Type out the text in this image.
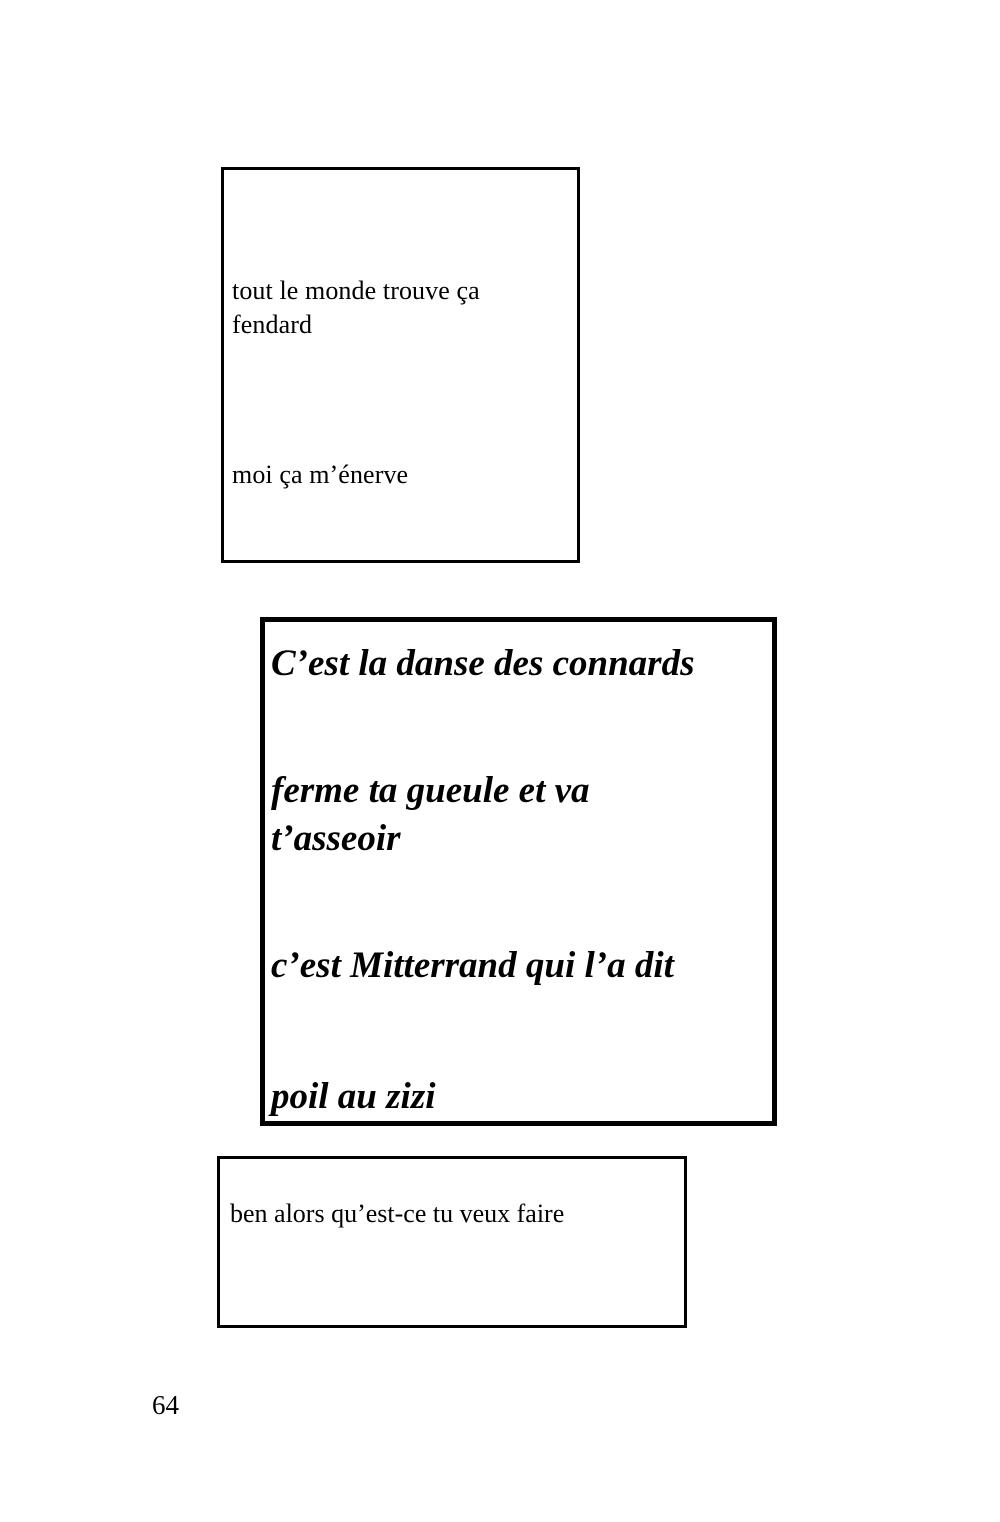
tout le monde trouve ça
fendard
moi ça m’énerve
C’est la danse des connards
ferme ta gueule et va
t’asseoir
c’est Mitterrand qui l’a dit
poil au zizi
ben alors qu’est-ce tu veux faire
64
